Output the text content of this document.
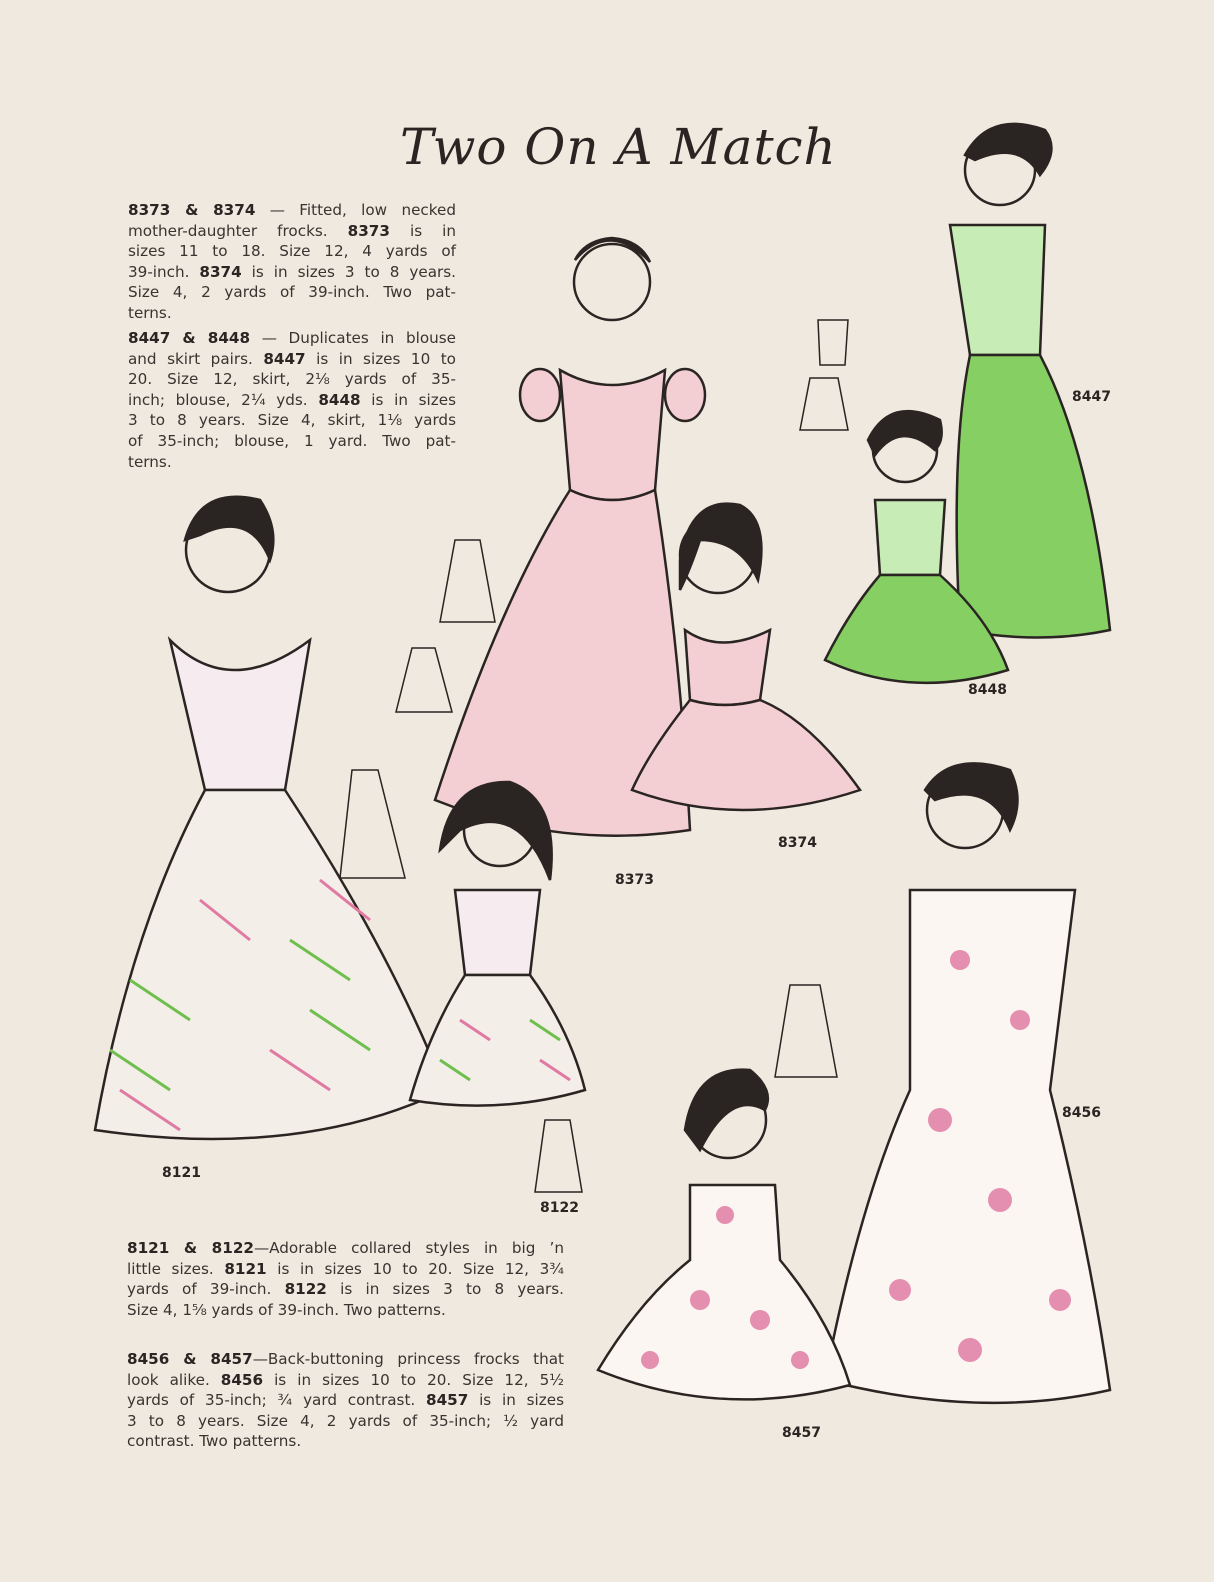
Two On A Match
8373 & 8374 — Fitted, low necked
mother-daughter frocks. 8373 is in
sizes 11 to 18. Size 12, 4 yards of
39-inch. 8374 is in sizes 3 to 8 years.
Size 4, 2 yards of 39-inch. Two pat-
terns.
8447 & 8448 — Duplicates in blouse
and skirt pairs. 8447 is in sizes 10 to
20. Size 12, skirt, 2⅛ yards of 35-
inch; blouse, 2¼ yds. 8448 is in sizes
3 to 8 years. Size 4, skirt, 1⅛ yards
of 35-inch; blouse, 1 yard. Two pat-
terns.
8121 & 8122—Adorable collared styles in big ’n
little sizes. 8121 is in sizes 10 to 20. Size 12, 3¾
yards of 39-inch. 8122 is in sizes 3 to 8 years.
Size 4, 1⅝ yards of 39-inch. Two patterns.
8456 & 8457—Back-buttoning princess frocks that
look alike. 8456 is in sizes 10 to 20. Size 12, 5½
yards of 35-inch; ¾ yard contrast. 8457 is in sizes
3 to 8 years. Size 4, 2 yards of 35-inch; ½ yard
contrast. Two patterns.
8447
8448
8374
8373
8121
8122
8456
8457
